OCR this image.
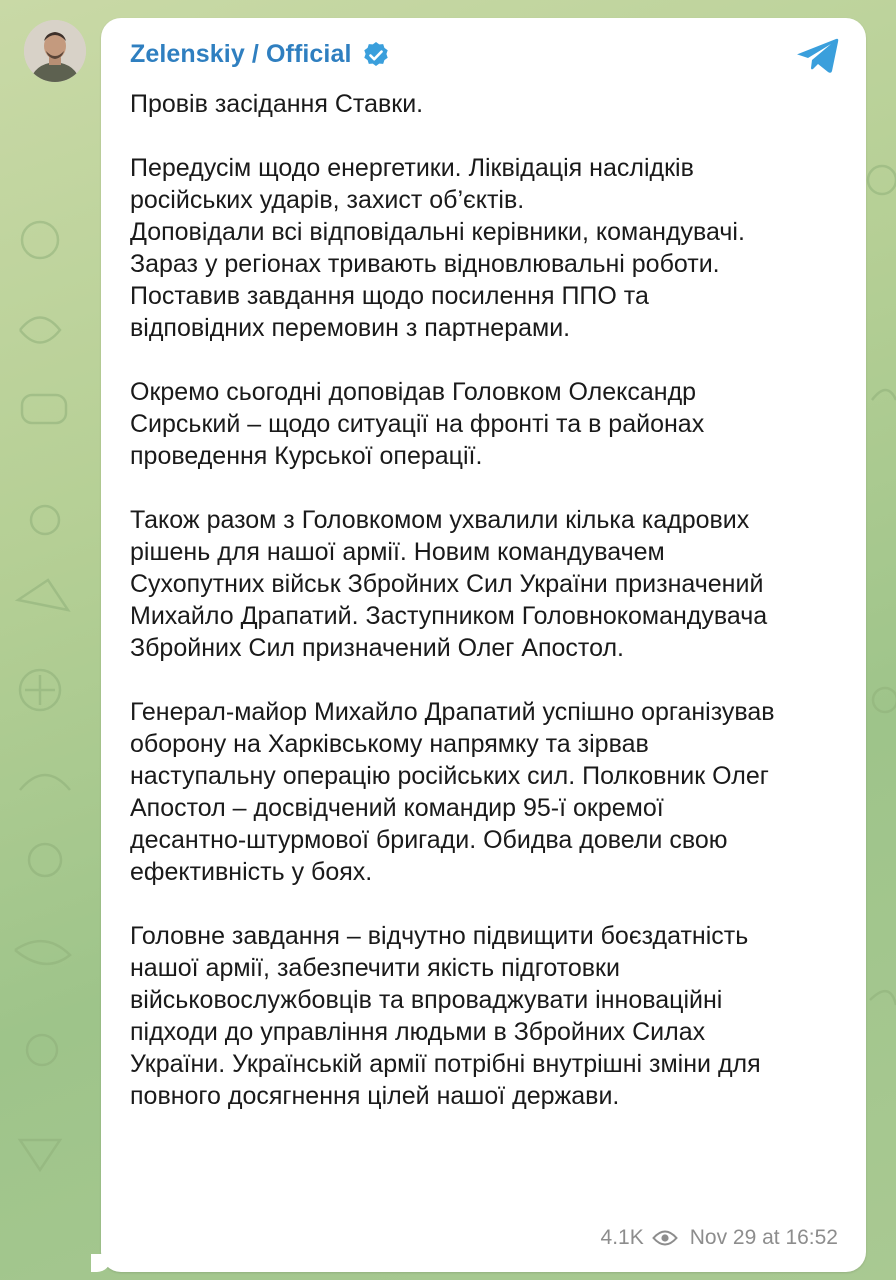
Zelenskiy / Official

Провів засідання Ставки.

Передусім щодо енергетики. Ліквідація наслідків
російських ударів, захист об’єктів.
Доповідали всі відповідальні керівники, командувачі.
Зараз у регіонах тривають відновлювальні роботи.
Поставив завдання щодо посилення ППО та
відповідних перемовин з партнерами.

Окремо сьогодні доповідав Головком Олександр
Сирський – щодо ситуації на фронті та в районах
проведення Курської операції.

Також разом з Головкомом ухвалили кілька кадрових
рішень для нашої армії. Новим командувачем
Сухопутних військ Збройних Сил України призначений
Михайло Драпатий. Заступником Головнокомандувача
Збройних Сил призначений Олег Апостол.

Генерал-майор Михайло Драпатий успішно організував
оборону на Харківському напрямку та зірвав
наступальну операцію російських сил. Полковник Олег
Апостол – досвідчений командир 95-ї окремої
десантно-штурмової бригади. Обидва довели свою
ефективність у боях.

Головне завдання – відчутно підвищити боєздатність
нашої армії, забезпечити якість підготовки
військовослужбовців та впроваджувати інноваційні
підходи до управління людьми в Збройних Силах
України. Українській армії потрібні внутрішні зміни для
повного досягнення цілей нашої держави.

4.1K Nov 29 at 16:52
